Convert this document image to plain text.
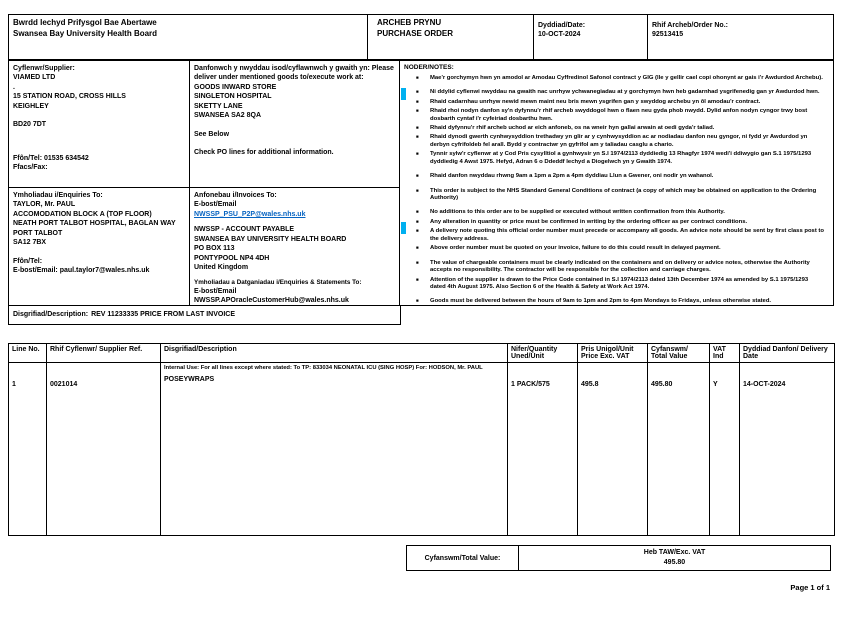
Bwrdd Iechyd Prifysgol Bae Abertawe
Swansea Bay University Health Board
ARCHEB PRYNU
PURCHASE ORDER
Dyddiad/Date:
10-OCT-2024
Rhif Archeb/Order No.:
92513415
Cyflenwr/Supplier:
VIAMED LTD
.
15 STATION ROAD, CROSS HILLS
KEIGHLEY
BD20 7DT
Ffôn/Tel: 01535 634542
Ffacs/Fax:
Danfonwch y nwyddau isod/cyflawnwch y gwaith yn: Please deliver under mentioned goods to/execute work at:
GOODS INWARD STORE
SINGLETON HOSPITAL
SKETTY LANE
SWANSEA SA2 8QA
See Below
Check PO lines for additional information.
Ymholiadau i/Enquiries To:
TAYLOR, Mr. PAUL
ACCOMODATION BLOCK A (TOP FLOOR)
NEATH PORT TALBOT HOSPITAL, BAGLAN WAY
PORT TALBOT
SA12 7BX
Ffôn/Tel:
E-bost/Email: paul.taylor7@wales.nhs.uk
Anfonebau i/Invoices To:
E-bost/Email
NWSSP_PSU_P2P@wales.nhs.uk
NWSSP - ACCOUNT PAYABLE
SWANSEA BAY UNIVERSITY HEALTH BOARD
PO BOX 113
PONTYPOOL NP4 4DH
United Kingdom
Ymholiadau a Datganiadau i/Enquiries & Statements To:
E-bost/Email
NWSSP.APOracleCustomerHub@wales.nhs.uk
Disgrifiad/Description: REV 11233335 PRICE FROM LAST INVOICE
NODER/NOTES:
■ Mae'r gorchymyn hwn yn amodol ar Amodau Cyffredinol Safonol contract y GIG (lle y gellir cael copi ohonynt ar gais i'r Awdurdod Archebu).
■ Ni ddylid cyflenwi nwyddau na gwaith nac unrhyw ychwanegiadau at y gorchymyn hwn heb gadarnhad ysgrifenedig gan yr Awdurdod hwn.
■ Rhaid cadarnhau unrhyw newid mewn maint neu bris mewn ysgrifen gan y swyddog archebu yn ôl amodau'r contract.
■ Rhaid rhoi nodyn danfon sy'n dyfynnu'r rhif archeb swyddogol hwn o flaen neu gyda phob nwydd. Dylid anfon nodyn cyngor trwy bost dosbarth cyntaf i'r cyfeiriad dosbarthu hwn.
■ Rhaid dyfynnu'r rhif archeb uchod ar eich anfoneb, os na wneir hyn gallai arwain at oedi gyda'r taliad.
■ Rhaid dynodi gwerth cynhwysyddion trethadwy yn glir ar y cynhwysyddion ac ar nodiadau danfon neu gyngor, ni fydd yr Awdurdod yn derbyn cyfrifoldeb fel arall. Bydd y contractwr yn gyfrifol am y taliadau casglu a chario.
■ Tynnir sylw'r cyflenwr at y Cod Pris cysylltiol a gynhwysir yn S.I 1974/2113 dyddiedig 13 Rhagfyr 1974 wedi'i ddiwygio gan S.1 1975/1293 dyddiedig 4 Awst 1975. Hefyd, Adran 6 o Ddeddf Iechyd a Diogelwch yn y Gwaith 1974.
■ Rhaid danfon nwyddau rhwng 9am a 1pm a 2pm a 4pm dyddiau Llun a Gwener, oni nodir yn wahanol.
■ This order is subject to the NHS Standard General Conditions of contract (a copy of which may be obtained on application to the Ordering Authority)
■ No additions to this order are to be supplied or executed without written confirmation from this Authority.
■ Any alteration in quantity or price must be confirmed in writing by the ordering officer as per contract conditions.
■ A delivery note quoting this official order number must precede or accompany all goods. An advice note should be sent by first class post to the delivery address.
■ Above order number must be quoted on your invoice, failure to do this could result in delayed payment.
■ The value of chargeable containers must be clearly indicated on the containers and on delivery or advice notes, otherwise the Authority accepts no responsibility. The contractor will be responsible for the collection and carriage charges.
■ Attention of the supplier is drawn to the Price Code contained in S.I 1974/2113 dated 13th December 1974 as amended by S.1 1975/1293 dated 4th August 1975. Also Section 6 of the Health & Safety at Work Act 1974.
■ Goods must be delivered between the hours of 9am to 1pm and 2pm to 4pm Mondays to Fridays, unless otherwise stated.
Line No.	Rhif Cyflenwr/ Supplier Ref.	Disgrifiad/Description	Nifer/Quantity Uned/Unit	Pris Unigol/Unit Price Exc. VAT	Cyfanswm/ Total Value	VAT Ind	Dyddiad Danfon/ Delivery Date

1	0021014	Internal Use: For all lines except where stated: To TP: 833034 NEONATAL ICU (SING HOSP) For: HODSON, Mr. PAUL
POSEYWRAPS	1 PACK/575	495.8	495.80	Y	14-OCT-2024
Cyfanswm/Total Value:
Heb TAW/Exc. VAT
495.80
Page 1 of 1
